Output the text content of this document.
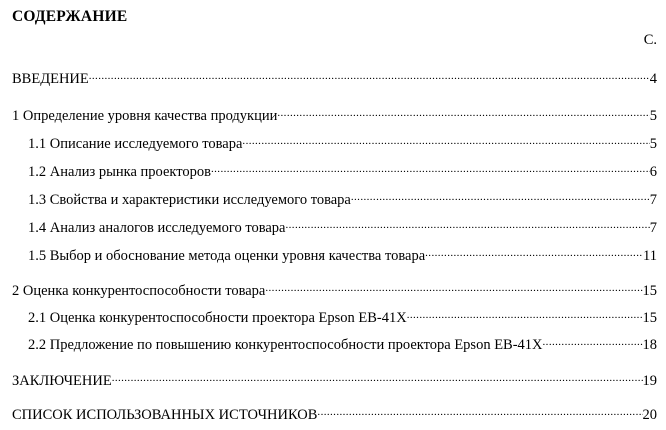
СОДЕРЖАНИЕ
С.
ВВЕДЕНИЕ .....	4
1 Определение уровня качества продукции .....	5
1.1 Описание исследуемого товара .....	5
1.2 Анализ рынка проекторов .....	6
1.3 Свойства и характеристики исследуемого товара .....	7
1.4 Анализ аналогов исследуемого товара .....	7
1.5 Выбор и обоснование метода оценки уровня качества товара .....	11
2 Оценка конкурентоспособности товара .....	15
2.1 Оценка конкурентоспособности проектора Epson EB-41X .....	15
2.2 Предложение по повышению конкурентоспособности проектора Epson EB-41X .....	18
ЗАКЛЮЧЕНИЕ .....	19
СПИСОК ИСПОЛЬЗОВАННЫХ ИСТОЧНИКОВ .....	20
